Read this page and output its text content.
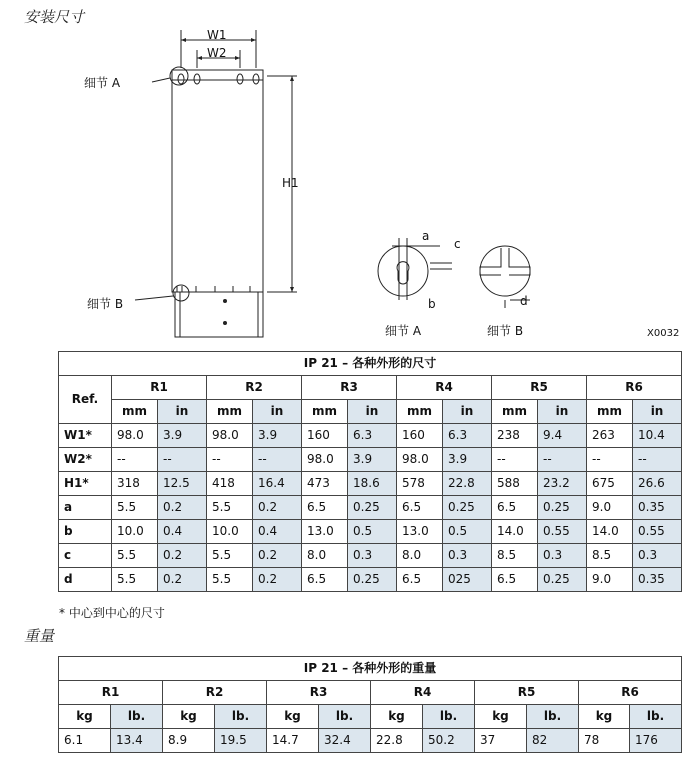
安装尺寸
W1
W2
H1
细节 A
细节 B
a
c
b	d
细节 A	细节 B	X0032
IP 21 – 各种外形的尺寸												
Ref.	R1		R2		R3		R4		R5		R6	
	mm	in	mm	in	mm	in	mm	in	mm	in	mm	in
W1*	98.0	3.9	98.0	3.9	160	6.3	160	6.3	238	9.4	263	10.4
W2*	--	--	--	--	98.0	3.9	98.0	3.9	--	--	--	--
H1*	318	12.5	418	16.4	473	18.6	578	22.8	588	23.2	675	26.6
a	5.5	0.2	5.5	0.2	6.5	0.25	6.5	0.25	6.5	0.25	9.0	0.35
b	10.0	0.4	10.0	0.4	13.0	0.5	13.0	0.5	14.0	0.55	14.0	0.55
c	5.5	0.2	5.5	0.2	8.0	0.3	8.0	0.3	8.5	0.3	8.5	0.3
d	5.5	0.2	5.5	0.2	6.5	0.25	6.5	025	6.5	0.25	9.0	0.35
* 中心到中心的尺寸
重量
IP 21 – 各种外形的重量											
R1		R2		R3		R4		R5		R6	
kg	lb.	kg	lb.	kg	lb.	kg	lb.	kg	lb.	kg	lb.
6.1	13.4	8.9	19.5	14.7	32.4	22.8	50.2	37	82	78	176
